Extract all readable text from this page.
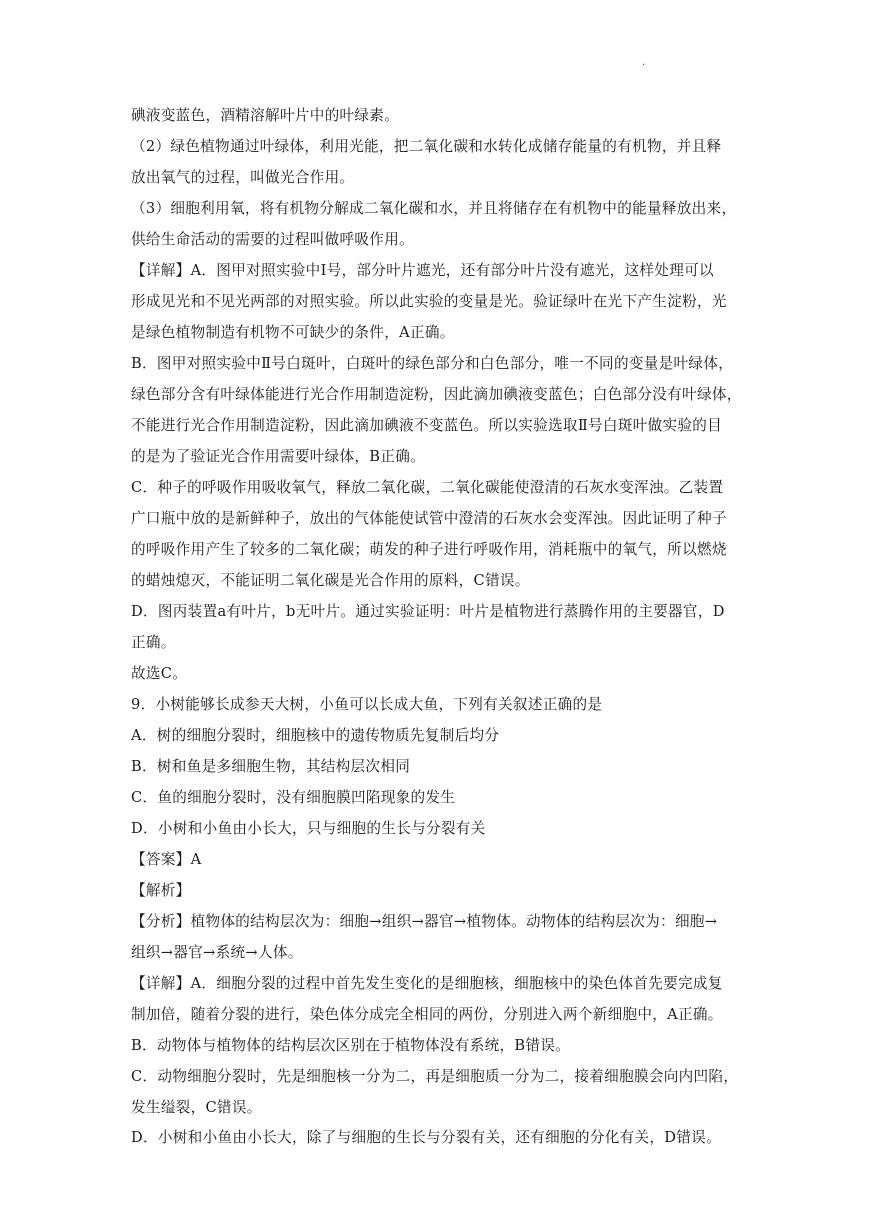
.
碘液变蓝色，酒精溶解叶片中的叶绿素。
（2）绿色植物通过叶绿体，利用光能，把二氧化碳和水转化成储存能量的有机物，并且释
放出氧气的过程，叫做光合作用。
（3）细胞利用氧，将有机物分解成二氧化碳和水，并且将储存在有机物中的能量释放出来，
供给生命活动的需要的过程叫做呼吸作用。
【详解】A．图甲对照实验中Ⅰ号，部分叶片遮光，还有部分叶片没有遮光，这样处理可以
形成见光和不见光两部的对照实验。所以此实验的变量是光。验证绿叶在光下产生淀粉，光
是绿色植物制造有机物不可缺少的条件，A正确。
B．图甲对照实验中Ⅱ号白斑叶，白斑叶的绿色部分和白色部分，唯一不同的变量是叶绿体，
绿色部分含有叶绿体能进行光合作用制造淀粉，因此滴加碘液变蓝色；白色部分没有叶绿体，
不能进行光合作用制造淀粉，因此滴加碘液不变蓝色。所以实验选取Ⅱ号白斑叶做实验的目
的是为了验证光合作用需要叶绿体，B正确。
C．种子的呼吸作用吸收氧气，释放二氧化碳，二氧化碳能使澄清的石灰水变浑浊。乙装置
广口瓶中放的是新鲜种子，放出的气体能使试管中澄清的石灰水会变浑浊。因此证明了种子
的呼吸作用产生了较多的二氧化碳；萌发的种子进行呼吸作用，消耗瓶中的氧气，所以燃烧
的蜡烛熄灭，不能证明二氧化碳是光合作用的原料，C错误。
D．图丙装置a有叶片，b无叶片。通过实验证明：叶片是植物进行蒸腾作用的主要器官，D
正确。
故选C。
9．小树能够长成参天大树，小鱼可以长成大鱼，下列有关叙述正确的是
A．树的细胞分裂时，细胞核中的遗传物质先复制后均分
B．树和鱼是多细胞生物，其结构层次相同
C．鱼的细胞分裂时，没有细胞膜凹陷现象的发生
D．小树和小鱼由小长大，只与细胞的生长与分裂有关
【答案】A
【解析】
【分析】植物体的结构层次为：细胞→组织→器官→植物体。动物体的结构层次为：细胞→
组织→器官→系统→人体。
【详解】A．细胞分裂的过程中首先发生变化的是细胞核，细胞核中的染色体首先要完成复
制加倍，随着分裂的进行，染色体分成完全相同的两份，分别进入两个新细胞中，A正确。
B．动物体与植物体的结构层次区别在于植物体没有系统，B错误。
C．动物细胞分裂时，先是细胞核一分为二，再是细胞质一分为二，接着细胞膜会向内凹陷，
发生缢裂，C错误。
D．小树和小鱼由小长大，除了与细胞的生长与分裂有关，还有细胞的分化有关，D错误。
